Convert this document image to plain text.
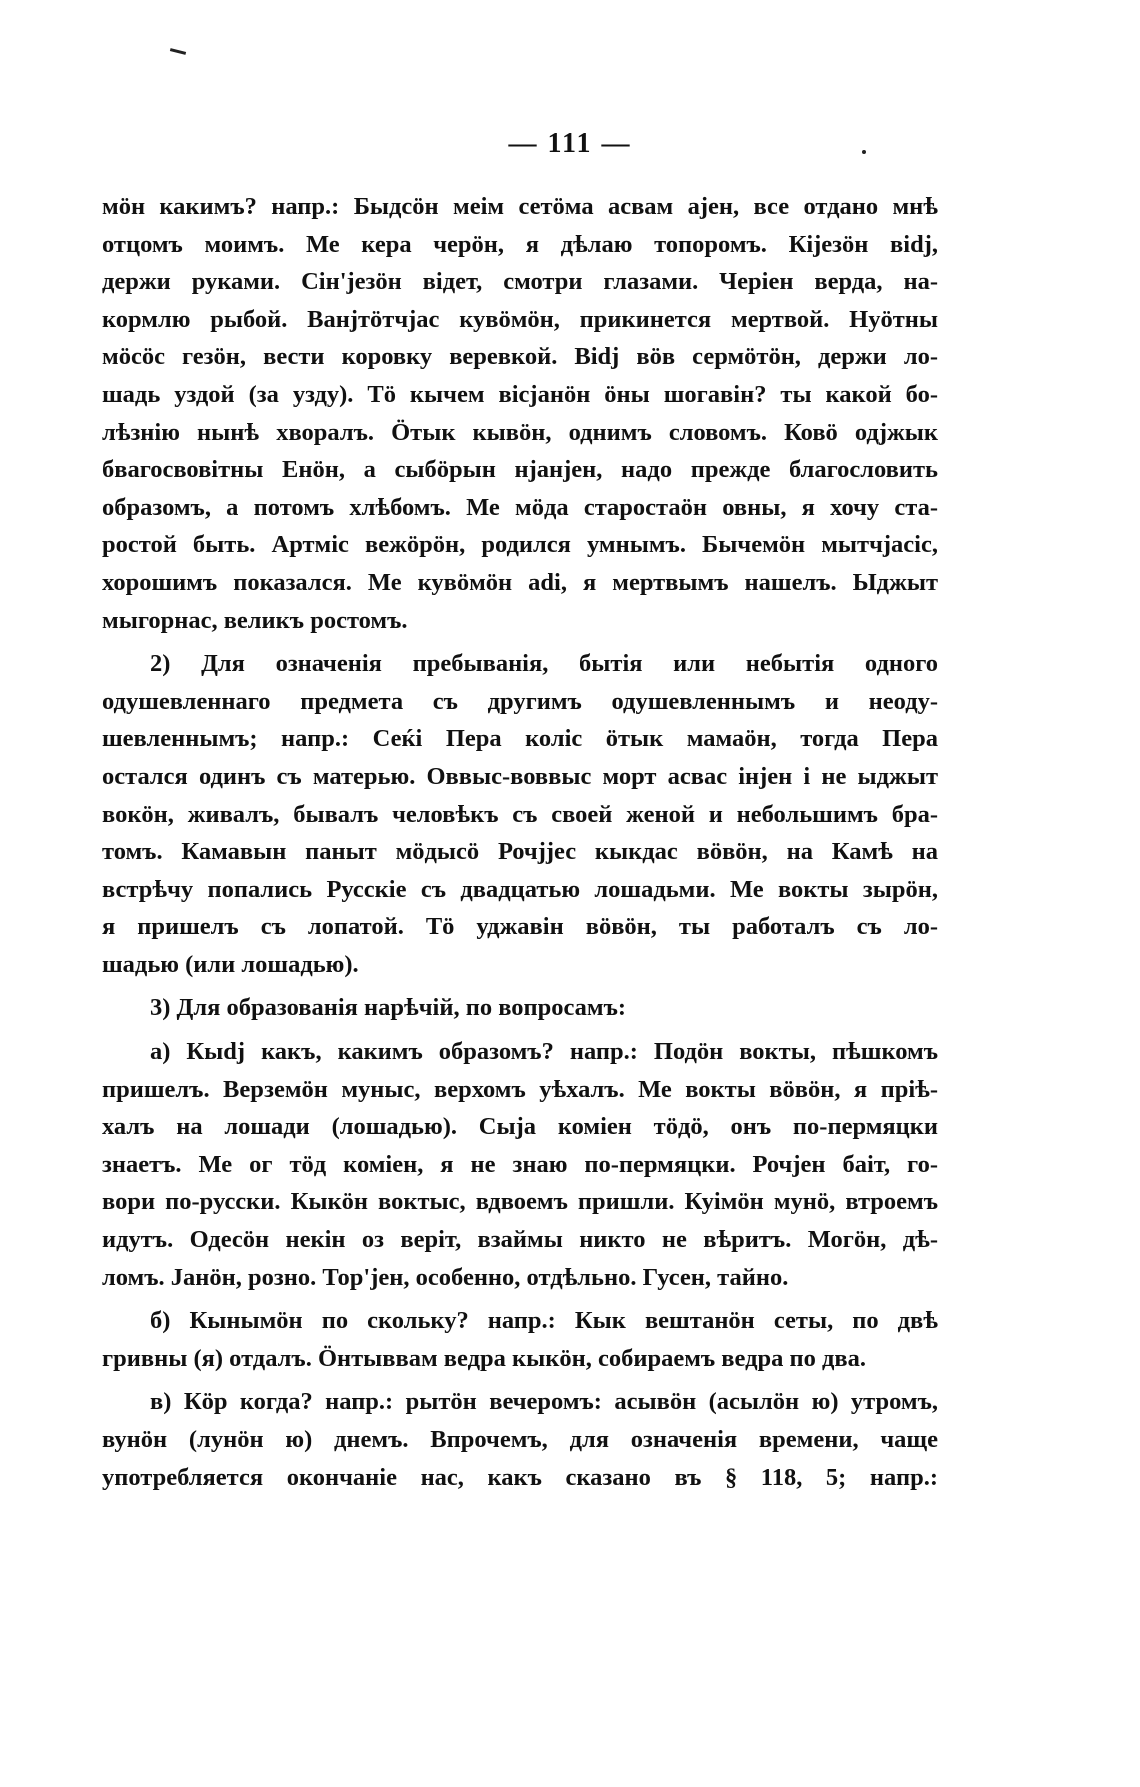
— 111 —
мöн какимъ? напр.: Быдсöн меім сетöма асвам ајен, все отдано мнѣ
отцомъ моимъ. Ме кера чeрöн, я дѣлаю топоромъ. Кіјезöн віdј,
держи руками. Сін'језöн вiдет, смотри глазами. Черіен верда, на-
кормлю рыбой. Ванјтöтчјас кувöмöн, прикинется мертвой. Нуöтны
мöсöс гезöн, вести коровку веревкой. Віdј вöв сермöтöн, держи ло-
шадь уздой (за узду). Тö кычем вісјанöн öны шогавін? ты какой бо-
лѣзнію нынѣ хворалъ. Öтык кывöн, однимъ словомъ. Ковö одјжык
бвагосвовітны Енöн, а сыбöрын нјанјен, надо прежде благословить
образомъ, а потомъ хлѣбомъ. Ме мöда старостаöн овны, я хочу ста-
ростой быть. Артміс вежöрöн, родился умнымъ. Бычемöн мытчјасіс,
хорошимъ показался. Ме кувöмöн аdі, я мертвымъ нашелъ. Ыджыт
мыгорнас, великъ ростомъ.
2) Для означенія пребыванія, бытія или небытія одного
одушевленнаго предмета съ другимъ одушевленнымъ и неоду-
шевленнымъ; напр.: Сеќі Пера коліс öтык мамаöн, тогда Пера
остался одинъ съ матерью. Оввыс-воввыс морт асвас інјен і не ыджыт
вокöн, живалъ, бывалъ человѣкъ съ своей женой и небольшимъ бра-
томъ. Камавын паныт мöдысö Рочјјес кыкдас вöвöн, на Камѣ на
встрѣчу попались Русскіе съ двадцатью лошадьми. Ме вокты зырöн,
я пришелъ съ лопатой. Тö уджавін вöвöн, ты работалъ съ ло-
шадью (или лошадью).
3) Для образованія нарѣчій, по вопросамъ:
а) Кыdј какъ, какимъ образомъ? напр.: Подöн вокты, пѣшкомъ
пришелъ. Верземöн муныс, верхомъ уѣхалъ. Ме вокты вöвöн, я пріѣ-
халъ на лошади (лошадью). Сыја коміен тöдö, онъ по-пермяцки
знаетъ. Ме ог тöд коміен, я не знаю по-пермяцки. Рочјен баіт, го-
вори по-русски. Кыкöн воктыс, вдвоемъ пришли. Куімöн мунö, втроемъ
идутъ. Одесöн некін оз веріт, взаймы никто не вѣритъ. Могöн, дѣ-
ломъ. Јанöн, розно. Тор'јен, особенно, отдѣльно. Гусен, тайно.
б) Кынымöн по скольку? напр.: Кык вештанöн сеты, по двѣ
гривны (я) отдалъ. Öнтыввам ведра кыкöн, собираемъ ведра по два.
в) Кöр когда? напр.: рытöн вечеромъ: асывöн (асылöн ю) утромъ,
вунöн (лунöн ю) днемъ. Впрочемъ, для означенія времени, чаще
употребляется окончаніе нас, какъ сказано въ § 118, 5; напр.:
